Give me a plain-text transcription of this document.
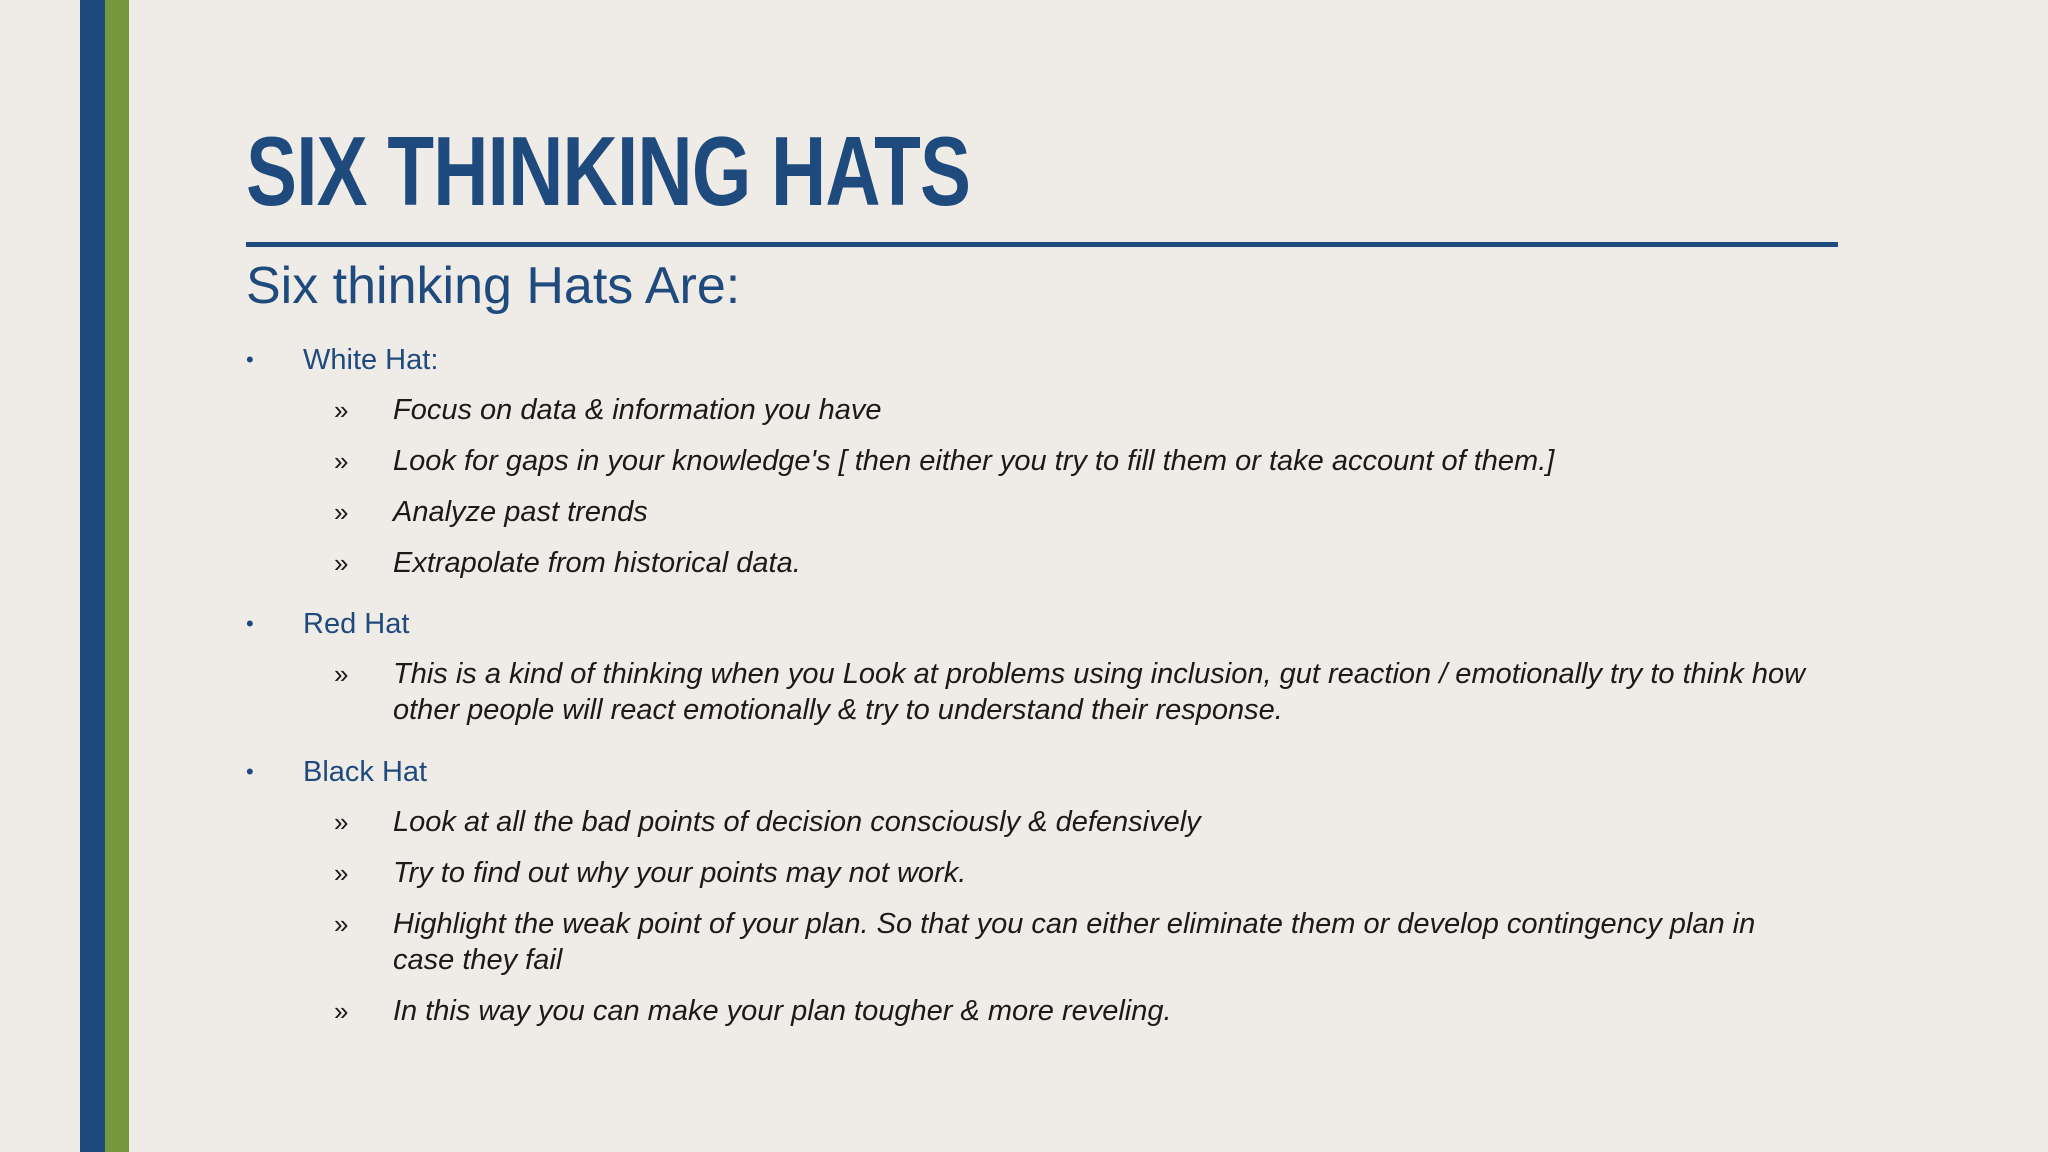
SIX THINKING HATS
Six thinking Hats Are:
• White Hat:
» Focus on data & information you have
» Look for gaps in your knowledge's [ then either you try to fill them or take account of them.]
» Analyze past trends
» Extrapolate from historical data.
• Red Hat
» This is a kind of thinking when you Look at problems using inclusion, gut reaction / emotionally try to think how other people will react emotionally & try to understand their response.
• Black Hat
» Look at all the bad points of decision consciously & defensively
» Try to find out why your points may not work.
» Highlight the weak point of your plan. So that you can either eliminate them or develop contingency plan in case they fail
» In this way you can make your plan tougher & more reveling.
